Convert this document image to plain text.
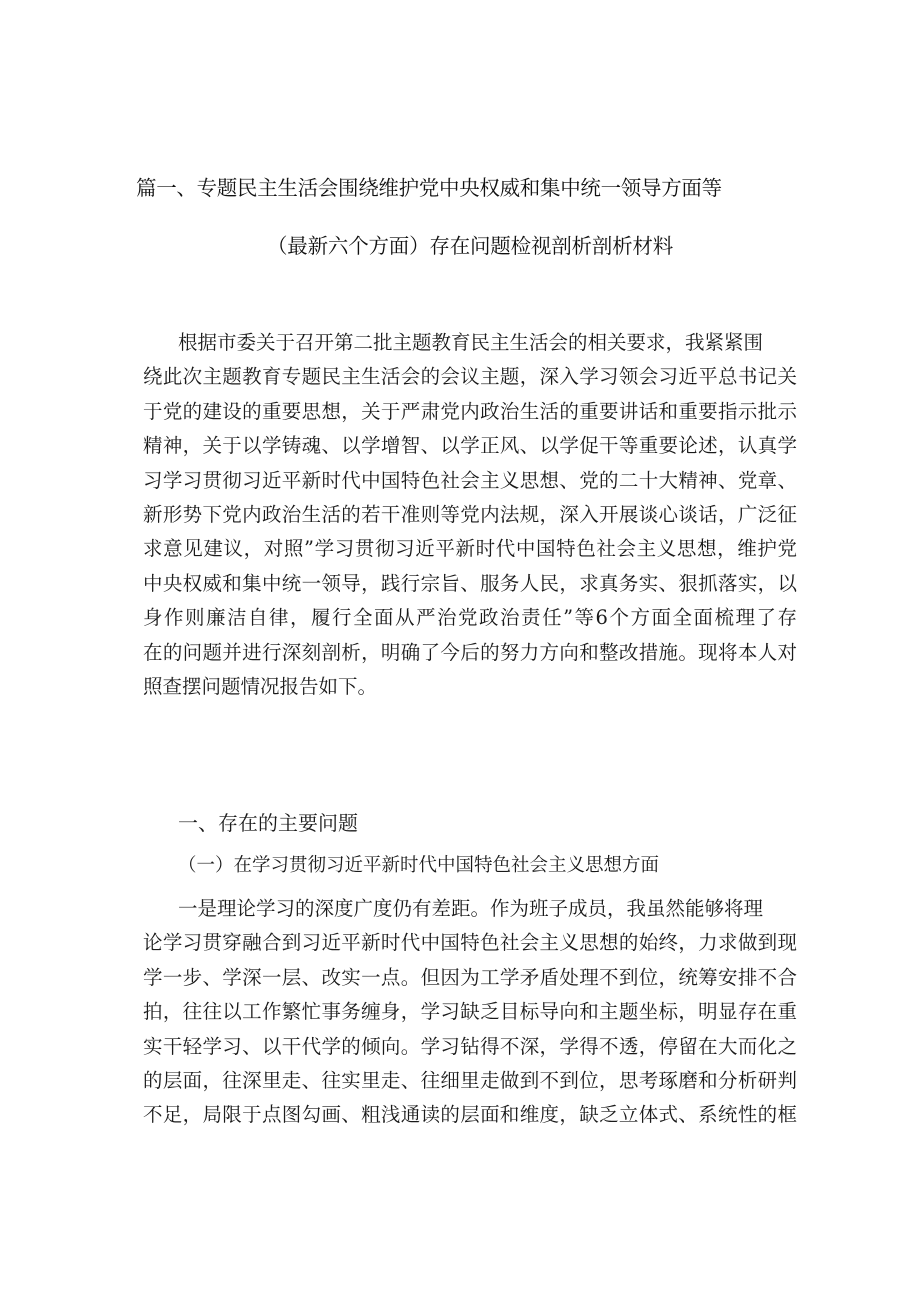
篇一、专题民主生活会围绕维护党中央权威和集中统一领导方面等
（最新六个方面）存在问题检视剖析剖析材料
根据市委关于召开第二批主题教育民主生活会的相关要求，我紧紧围
绕此次主题教育专题民主生活会的会议主题，深入学习领会习近平总书记关
于党的建设的重要思想，关于严肃党内政治生活的重要讲话和重要指示批示
精神，关于以学铸魂、以学增智、以学正风、以学促干等重要论述，认真学
习学习贯彻习近平新时代中国特色社会主义思想、党的二十大精神、党章、
新形势下党内政治生活的若干准则等党内法规，深入开展谈心谈话，广泛征
求意见建议，对照”学习贯彻习近平新时代中国特色社会主义思想，维护党
中央权威和集中统一领导，践行宗旨、服务人民，求真务实、狠抓落实，以
身作则廉洁自律，履行全面从严治党政治责任”等6个方面全面梳理了存
在的问题并进行深刻剖析，明确了今后的努力方向和整改措施。现将本人对
照查摆问题情况报告如下。
一、存在的主要问题
（一）在学习贯彻习近平新时代中国特色社会主义思想方面
一是理论学习的深度广度仍有差距。作为班子成员，我虽然能够将理
论学习贯穿融合到习近平新时代中国特色社会主义思想的始终，力求做到现
学一步、学深一层、改实一点。但因为工学矛盾处理不到位，统筹安排不合
拍，往往以工作繁忙事务缠身，学习缺乏目标导向和主题坐标，明显存在重
实干轻学习、以干代学的倾向。学习钻得不深，学得不透，停留在大而化之
的层面，往深里走、往实里走、往细里走做到不到位，思考琢磨和分析研判
不足，局限于点图勾画、粗浅通读的层面和维度，缺乏立体式、系统性的框
